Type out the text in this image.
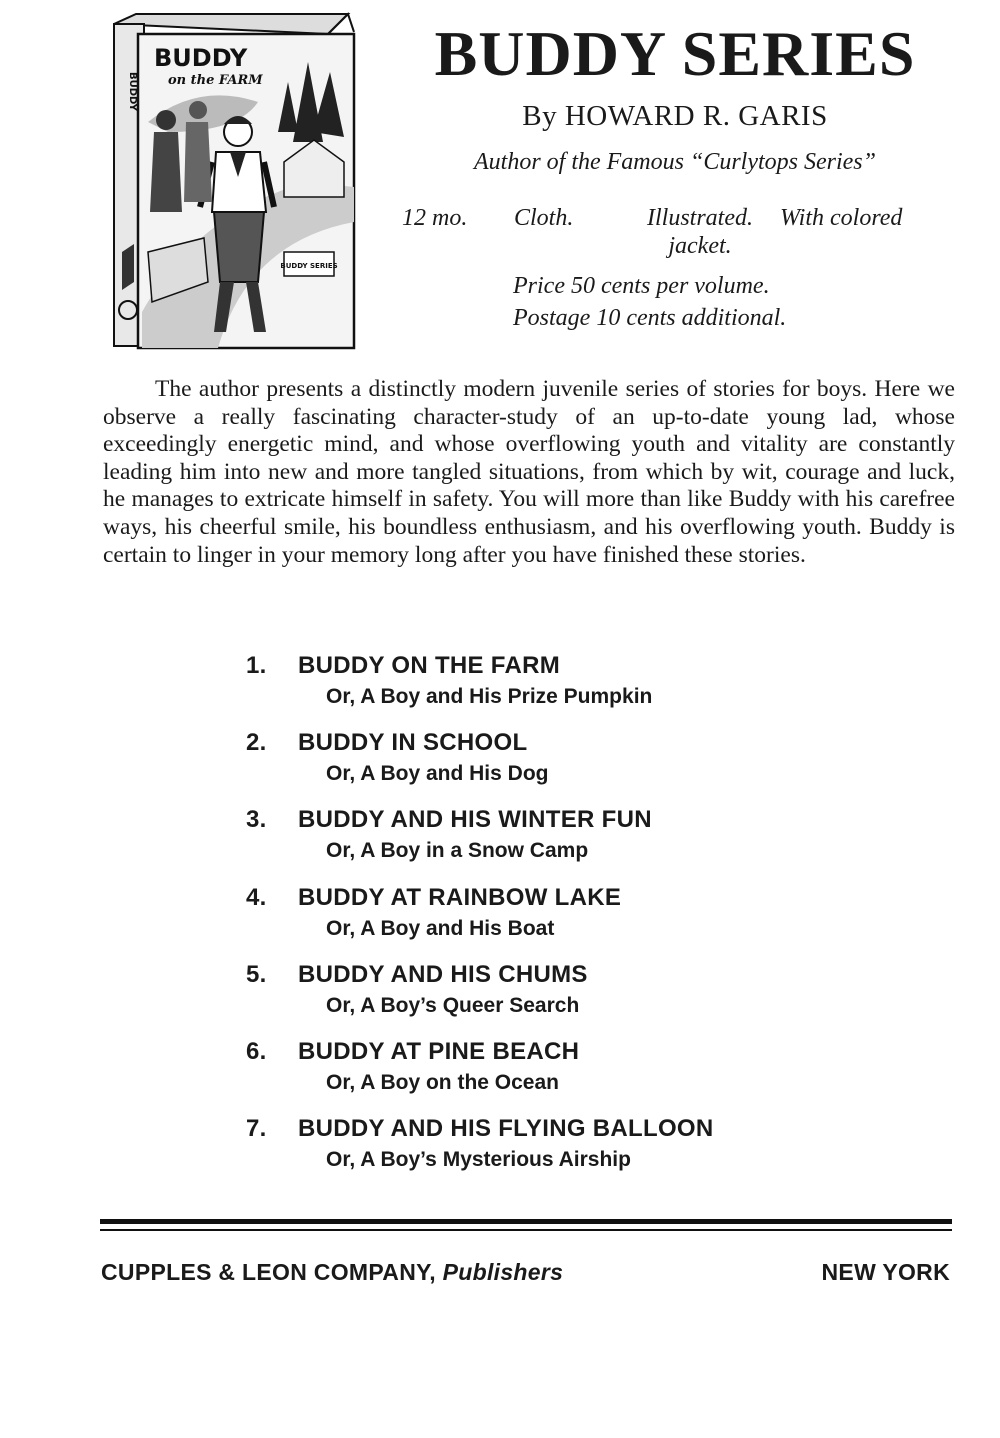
BUDDY
BUDDY
on the FARM
BUDDY SERIES
BUDDY SERIES
By HOWARD R. GARIS
Author of the Famous “Curlytops Series”
12 mo. Cloth.	Illustrated.
jacket.
With colored
Price 50 cents per volume.
Postage 10 cents additional.

The author presents a distinctly modern juvenile series of stories for boys. Here we observe a really fascinating character-study of an up-to-date young lad, whose exceedingly energetic mind, and whose overflowing youth and vitality are constantly leading him into new and more tangled situations, from which by wit, courage and luck, he manages to extricate himself in safety. You will more than like Buddy with his carefree ways, his cheerful smile, his boundless enthusiasm, and his overflowing youth. Buddy is certain to linger in your memory long after you have finished these stories.

1.	BUDDY ON THE FARM
Or, A Boy and His Prize Pumpkin
2.	BUDDY IN SCHOOL
Or, A Boy and His Dog
3.	BUDDY AND HIS WINTER FUN
Or, A Boy in a Snow Camp
4.	BUDDY AT RAINBOW LAKE
Or, A Boy and His Boat
5.	BUDDY AND HIS CHUMS
Or, A Boy’s Queer Search
6.	BUDDY AT PINE BEACH
Or, A Boy on the Ocean
7.	BUDDY AND HIS FLYING BALLOON
Or, A Boy’s Mysterious Airship
CUPPLES & LEON COMPANY, Publishers	NEW YORK
